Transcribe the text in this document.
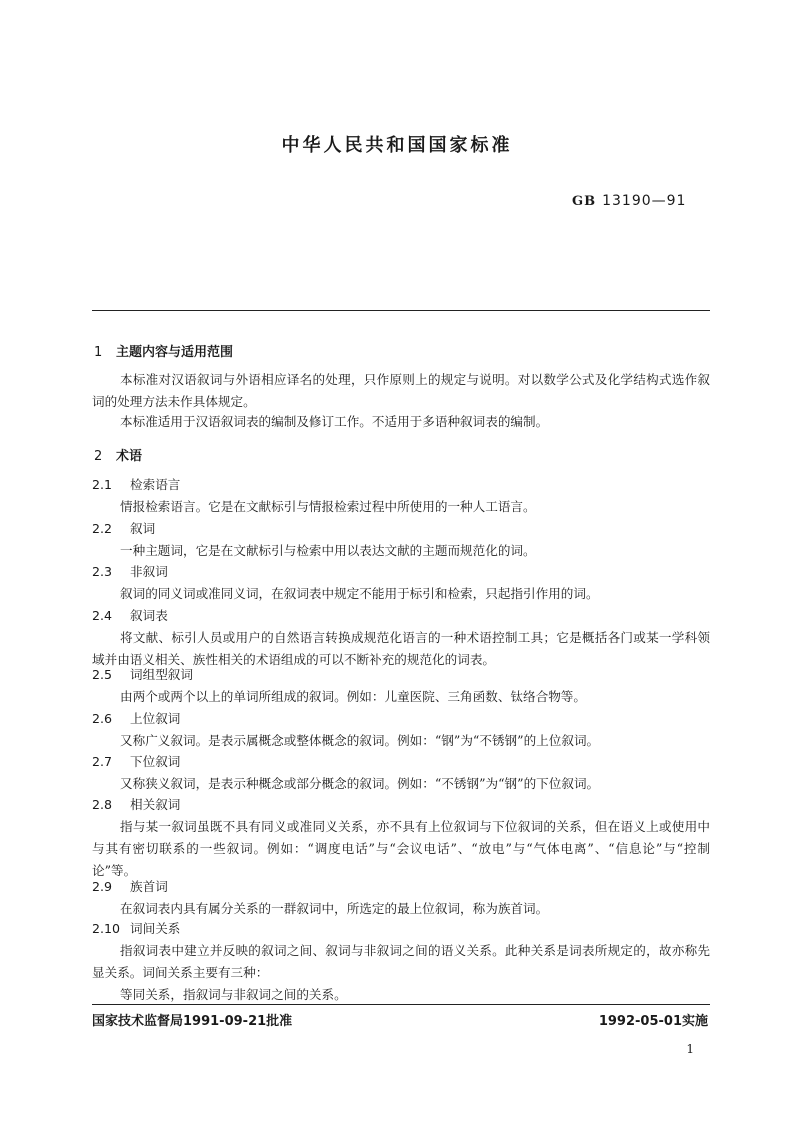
中华人民共和国国家标准
GB 13190—91
1 主题内容与适用范围
本标准对汉语叙词与外语相应译名的处理，只作原则上的规定与说明。对以数学公式及化学结构式选作叙词的处理方法未作具体规定。
本标准适用于汉语叙词表的编制及修订工作。不适用于多语种叙词表的编制。
2 术语
2.1 检索语言
情报检索语言。它是在文献标引与情报检索过程中所使用的一种人工语言。
2.2 叙词
一种主题词，它是在文献标引与检索中用以表达文献的主题而规范化的词。
2.3 非叙词
叙词的同义词或准同义词，在叙词表中规定不能用于标引和检索，只起指引作用的词。
2.4 叙词表
将文献、标引人员或用户的自然语言转换成规范化语言的一种术语控制工具；它是概括各门或某一学科领域并由语义相关、族性相关的术语组成的可以不断补充的规范化的词表。
2.5 词组型叙词
由两个或两个以上的单词所组成的叙词。例如：儿童医院、三角函数、钛络合物等。
2.6 上位叙词
又称广义叙词。是表示属概念或整体概念的叙词。例如：“钢”为“不锈钢”的上位叙词。
2.7 下位叙词
又称狭义叙词，是表示种概念或部分概念的叙词。例如：“不锈钢”为“钢”的下位叙词。
2.8 相关叙词
指与某一叙词虽既不具有同义或准同义关系，亦不具有上位叙词与下位叙词的关系，但在语义上或使用中与其有密切联系的一些叙词。例如：“调度电话”与“会议电话”、“放电”与“气体电离”、“信息论”与“控制论”等。
2.9 族首词
在叙词表内具有属分关系的一群叙词中，所选定的最上位叙词，称为族首词。
2.10 词间关系
指叙词表中建立并反映的叙词之间、叙词与非叙词之间的语义关系。此种关系是词表所规定的，故亦称先显关系。词间关系主要有三种：
等同关系，指叙词与非叙词之间的关系。
国家技术监督局1991-09-21批准	1992-05-01实施
1
